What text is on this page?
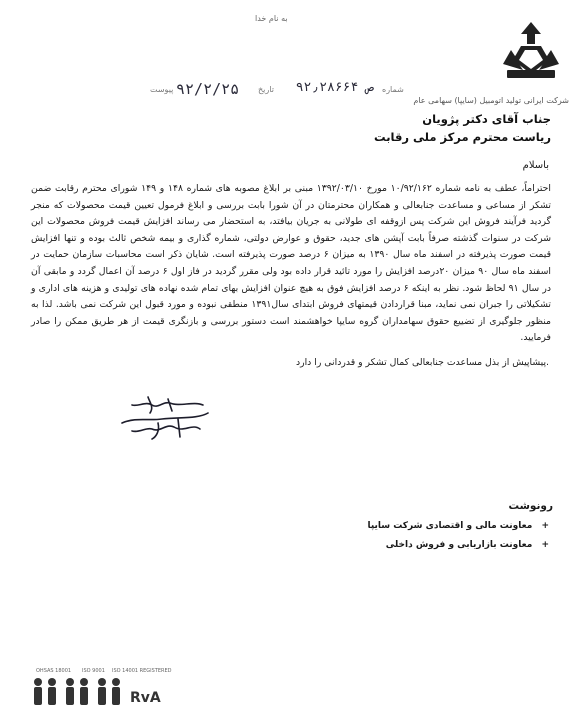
به نام خدا
شرکت ایرانی تولید اتومبیل (سایپا) سهامی عام
پیوست ۹۲/۲/۲۵ تاریخ	۹۲٫۲۸۶۶۴ ص شماره
جناب آقای دکتر پژویان
ریاست محترم مرکز ملی رقابت
باسلام

احتراماً، عطف به نامه شماره ۱۰/۹۲/۱۶۲ مورخ ۱۳۹۲/۰۳/۱۰ مبنی بر ابلاغ مصوبه های شماره ۱۴۸ و ۱۴۹ شورای محترم رقابت ضمن تشکر از مساعی و مساعدت جنابعالی و همکاران محترمتان در آن شورا بابت بررسی و ابلاغ فرمول تعیین قیمت محصولات که منجر گردید فرآیند فروش این شرکت پس ازوقفه ای طولانی به جریان بیافتد، به استحضار می رساند افزایش قیمت فروش محصولات این شرکت در سنوات گذشته صرفاً بابت آپشن های جدید، حقوق و عوارض دولتی، شماره گذاری و بیمه شخص ثالث بوده و تنها افزایش قیمت صورت پذیرفته در اسفند ماه سال ۱۳۹۰ به میزان ۶ درصد صورت پذیرفته است. شایان ذکر است محاسبات سازمان حمایت در اسفند ماه سال ۹۰ میزان ۲۰درصد افزایش را مورد تائید قرار داده بود ولی مقرر گردید در فاز اول ۶ درصد آن اعمال گردد و مابقی آن در سال ۹۱ لحاظ شود. نظر به اینکه ۶ درصد افزایش فوق به هیچ عنوان افزایش بهای تمام شده نهاده های تولیدی و هزینه های اداری و تشکیلاتی را جبران نمی نماید، مبنا قراردادن قیمتهای فروش ابتدای سال۱۳۹۱ منطقی نبوده و مورد قبول این شرکت نمی باشد. لذا به منظور جلوگیری از تضییع حقوق سهامداران گروه سایپا خواهشمند است دستور بررسی و بازنگری قیمت از هر طریق ممکن را صادر فرمایید.

پیشاپیش از بذل مساعدت جنابعالی کمال تشکر و قدردانی را دارد.
رونوشت
+ معاونت مالی و اقتصادی شرکت سایپا
+ معاونت بازاریابی و فروش داخلی
OHSAS 18001 ISO 9001 ISO 14001 REGISTERED
RvA
